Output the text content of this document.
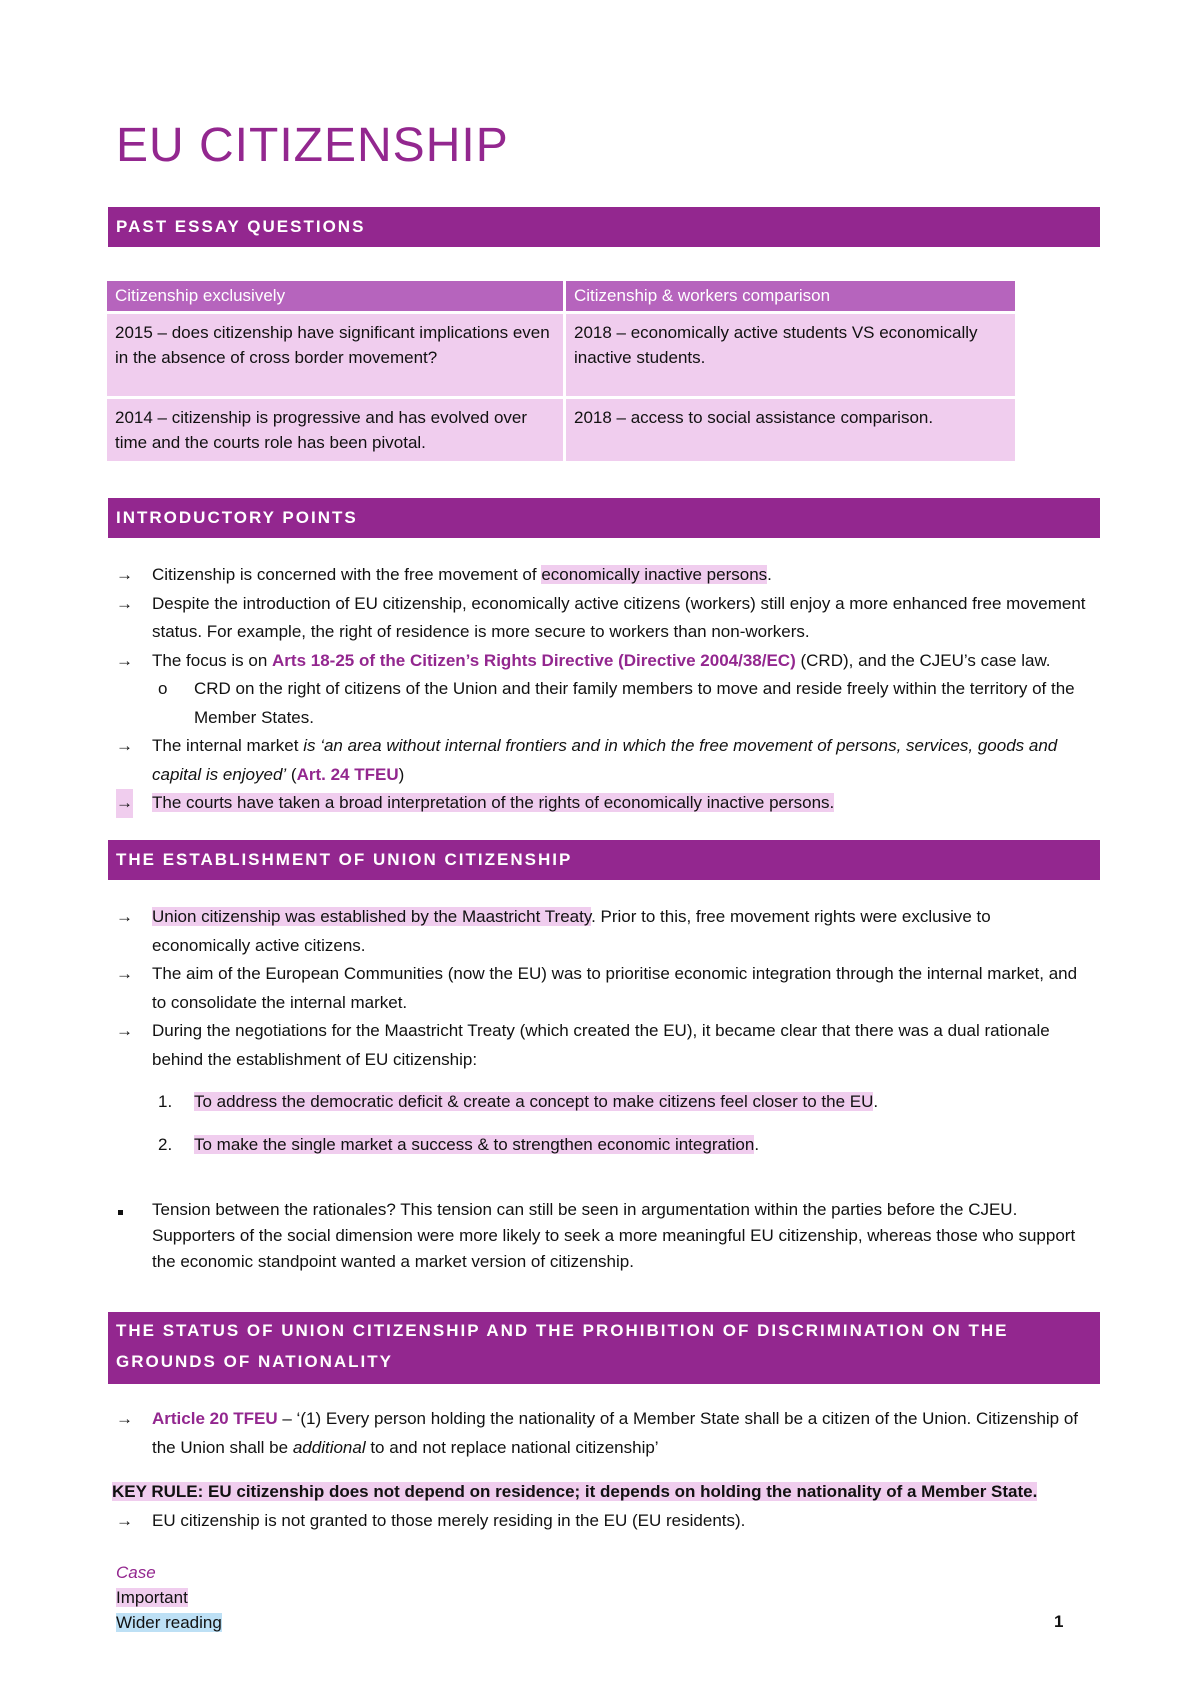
EU CITIZENSHIP
PAST ESSAY QUESTIONS
Citizenship exclusively	Citizenship & workers comparison
2015 – does citizenship have significant implications even in the absence of cross border movement?	2018 – economically active students VS economically inactive students.
2014 – citizenship is progressive and has evolved over time and the courts role has been pivotal.	2018 – access to social assistance comparison.
INTRODUCTORY POINTS
→ Citizenship is concerned with the free movement of economically inactive persons.
→ Despite the introduction of EU citizenship, economically active citizens (workers) still enjoy a more enhanced free movement status. For example, the right of residence is more secure to workers than non-workers.
→ The focus is on Arts 18-25 of the Citizen’s Rights Directive (Directive 2004/38/EC) (CRD), and the CJEU’s case law.
o CRD on the right of citizens of the Union and their family members to move and reside freely within the territory of the Member States.
→ The internal market is ‘an area without internal frontiers and in which the free movement of persons, services, goods and capital is enjoyed’ (Art. 24 TFEU)
→ The courts have taken a broad interpretation of the rights of economically inactive persons.
THE ESTABLISHMENT OF UNION CITIZENSHIP
→ Union citizenship was established by the Maastricht Treaty. Prior to this, free movement rights were exclusive to economically active citizens.
→ The aim of the European Communities (now the EU) was to prioritise economic integration through the internal market, and to consolidate the internal market.
→ During the negotiations for the Maastricht Treaty (which created the EU), it became clear that there was a dual rationale behind the establishment of EU citizenship:
1. To address the democratic deficit & create a concept to make citizens feel closer to the EU.
2. To make the single market a success & to strengthen economic integration.
Tension between the rationales? This tension can still be seen in argumentation within the parties before the CJEU. Supporters of the social dimension were more likely to seek a more meaningful EU citizenship, whereas those who support the economic standpoint wanted a market version of citizenship.
THE STATUS OF UNION CITIZENSHIP AND THE PROHIBITION OF DISCRIMINATION ON THE GROUNDS OF NATIONALITY
→ Article 20 TFEU – ‘(1) Every person holding the nationality of a Member State shall be a citizen of the Union. Citizenship of the Union shall be additional to and not replace national citizenship’
KEY RULE: EU citizenship does not depend on residence; it depends on holding the nationality of a Member State.
→ EU citizenship is not granted to those merely residing in the EU (EU residents).
Case
Important
Wider reading	1
